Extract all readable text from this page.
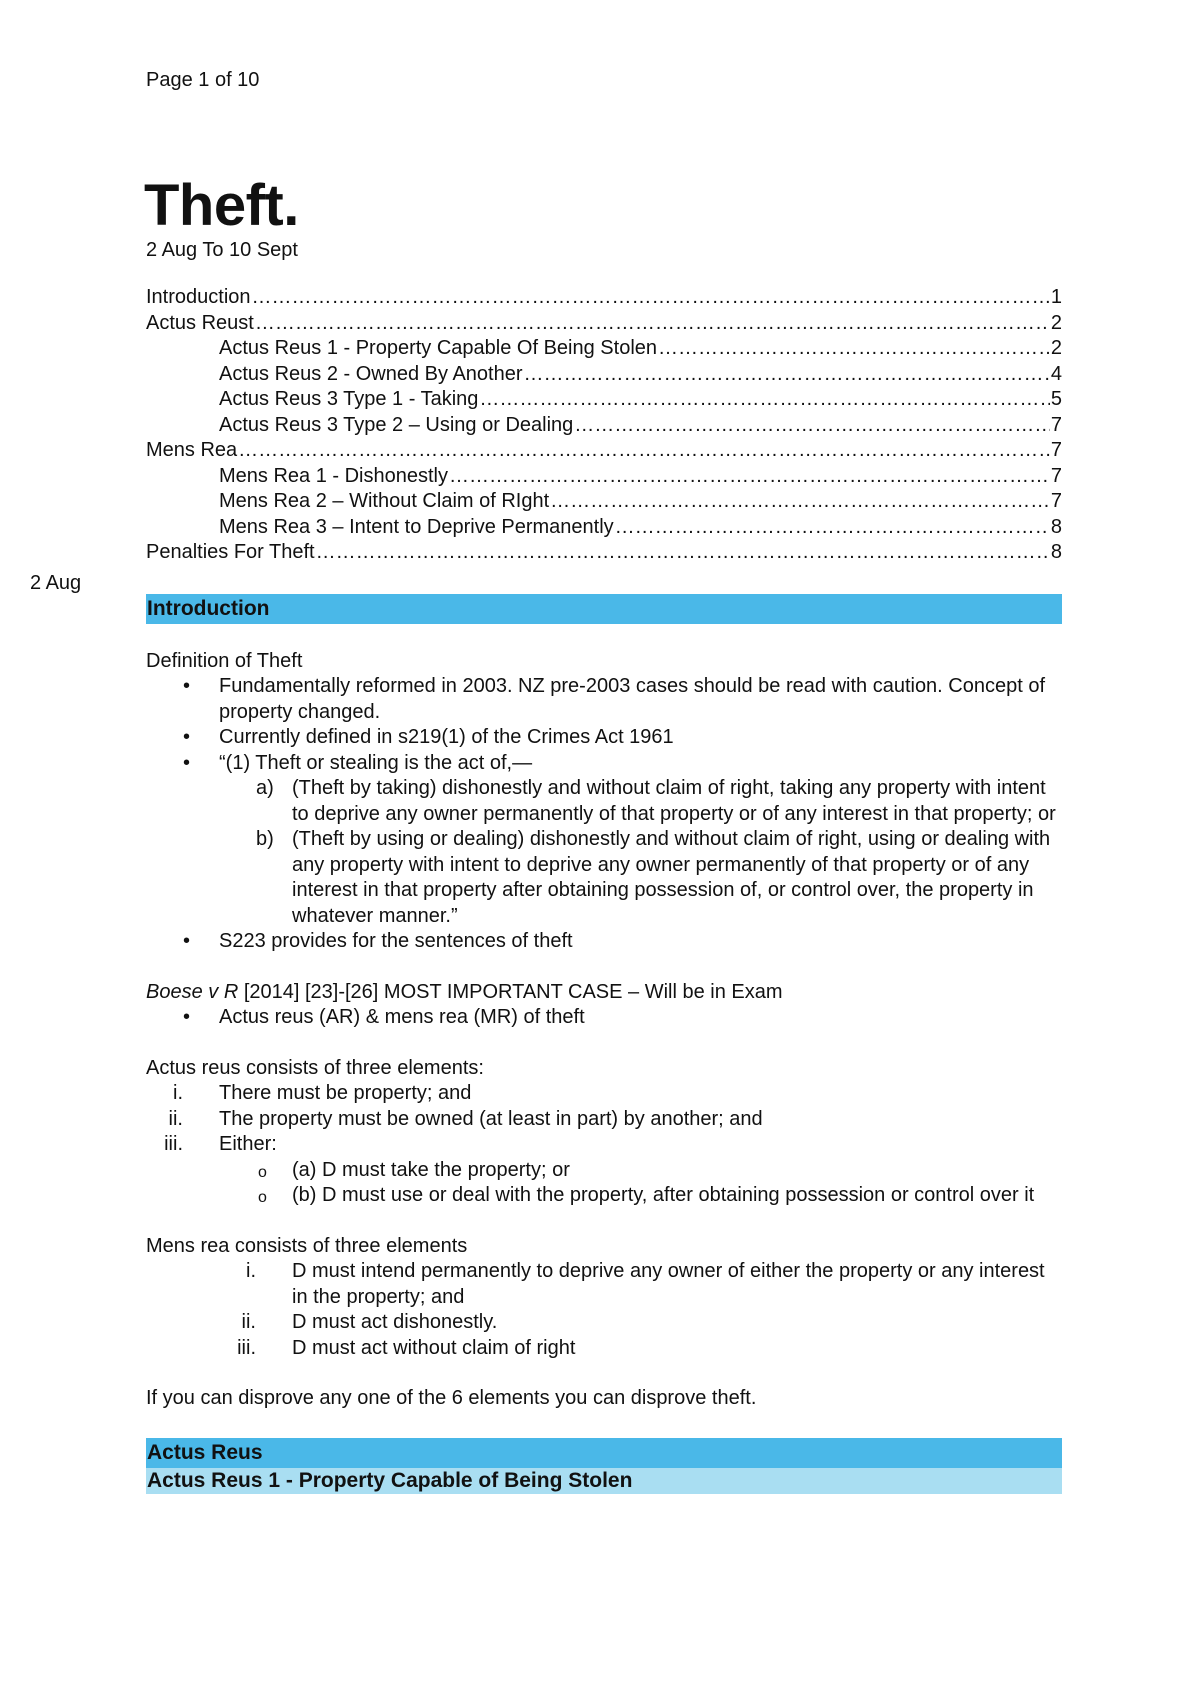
2 Aug

Page 1 of 10

Theft.

2 Aug To 10 Sept

Introduction ………………………………………………………………………………………………………………………………………………………………………………………	1
Actus Reust ………………………………………………………………………………………………………………………………………………………………………………………	2
Actus Reus 1 - Property Capable Of Being Stolen ………………………………………………………………………………………………………………………………………………………………………………………	2
Actus Reus 2 - Owned By Another ………………………………………………………………………………………………………………………………………………………………………………………	4
Actus Reus 3 Type 1 - Taking ………………………………………………………………………………………………………………………………………………………………………………………	5
Actus Reus 3 Type 2 – Using or Dealing ………………………………………………………………………………………………………………………………………………………………………………………	7
Mens Rea ………………………………………………………………………………………………………………………………………………………………………………………	7
Mens Rea 1 - Dishonestly ………………………………………………………………………………………………………………………………………………………………………………………	7
Mens Rea 2 – Without Claim of RIght ………………………………………………………………………………………………………………………………………………………………………………………	7
Mens Rea 3 – Intent to Deprive Permanently ………………………………………………………………………………………………………………………………………………………………………………………	8
Penalties For Theft ………………………………………………………………………………………………………………………………………………………………………………………	8
Introduction

Definition of Theft

• Fundamentally reformed in 2003. NZ pre-2003 cases should be read with caution. Concept of property changed.
• Currently defined in s219(1) of the Crimes Act 1961
• “(1) Theft or stealing is the act of,—
a) (Theft by taking) dishonestly and without claim of right, taking any property with intent to deprive any owner permanently of that property or of any interest in that property; or
b) (Theft by using or dealing) dishonestly and without claim of right, using or dealing with any property with intent to deprive any owner permanently of that property or of any interest in that property after obtaining possession of, or control over, the property in whatever manner.”
• S223 provides for the sentences of theft

Boese v R [2014] [23]-[26] MOST IMPORTANT CASE – Will be in Exam

• Actus reus (AR) & mens rea (MR) of theft

Actus reus consists of three elements:

i. There must be property; and
ii. The property must be owned (at least in part) by another; and
iii. Either:
o (a) D must take the property; or
o (b) D must use or deal with the property, after obtaining possession or control over it

Mens rea consists of three elements

i. D must intend permanently to deprive any owner of either the property or any interest in the property; and
ii. D must act dishonestly.
iii. D must act without claim of right

If you can disprove any one of the 6 elements you can disprove theft.

Actus Reus
Actus Reus 1 - Property Capable of Being Stolen
